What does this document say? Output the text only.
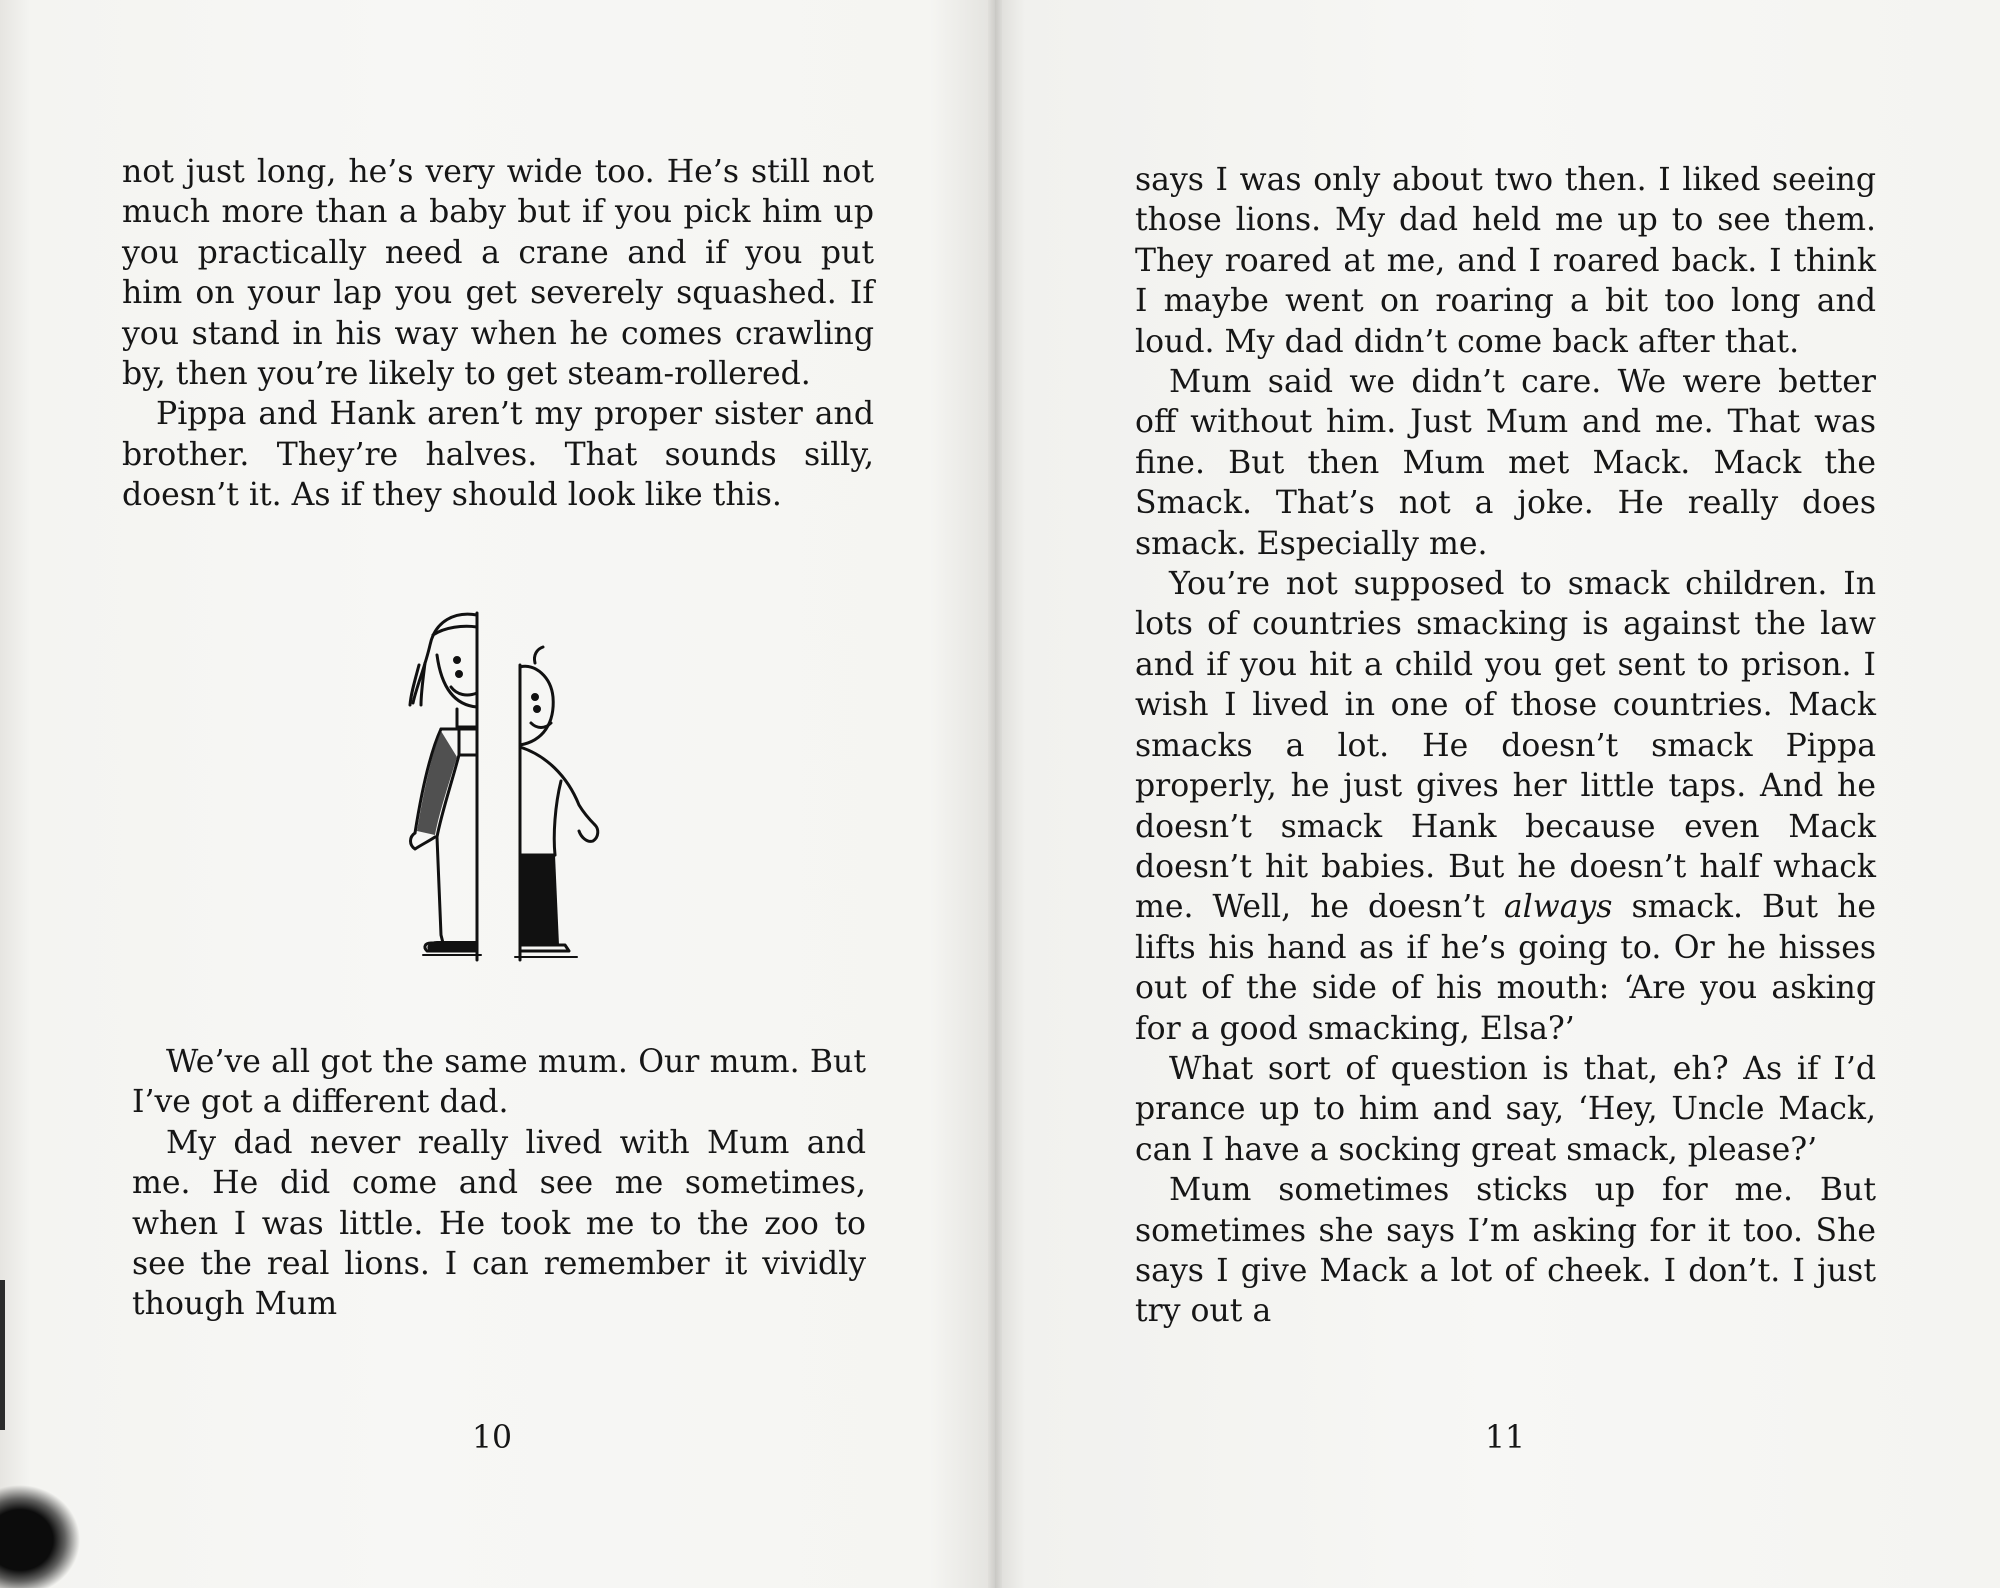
not just long, he’s very wide too. He’s still not much more than a baby but if you pick him up you practically need a crane and if you put him on your lap you get severely squashed. If you stand in his way when he comes crawling by, then you’re likely to get steam-rollered.

Pippa and Hank aren’t my proper sister and brother. They’re halves. That sounds silly, doesn’t it. As if they should look like this.

We’ve all got the same mum. Our mum. But I’ve got a different dad.

My dad never really lived with Mum and me. He did come and see me sometimes, when I was little. He took me to the zoo to see the real lions. I can remember it vividly though Mum

10

says I was only about two then. I liked seeing those lions. My dad held me up to see them. They roared at me, and I roared back. I think I maybe went on roaring a bit too long and loud. My dad didn’t come back after that.

Mum said we didn’t care. We were better off without him. Just Mum and me. That was fine. But then Mum met Mack. Mack the Smack. That’s not a joke. He really does smack. Especially me.

You’re not supposed to smack children. In lots of countries smacking is against the law and if you hit a child you get sent to prison. I wish I lived in one of those countries. Mack smacks a lot. He doesn’t smack Pippa properly, he just gives her little taps. And he doesn’t smack Hank because even Mack doesn’t hit babies. But he doesn’t half whack me. Well, he doesn’t always smack. But he lifts his hand as if he’s going to. Or he hisses out of the side of his mouth: ‘Are you asking for a good smacking, Elsa?’

What sort of question is that, eh? As if I’d prance up to him and say, ‘Hey, Uncle Mack, can I have a socking great smack, please?’

Mum sometimes sticks up for me. But sometimes she says I’m asking for it too. She says I give Mack a lot of cheek. I don’t. I just try out a

11
